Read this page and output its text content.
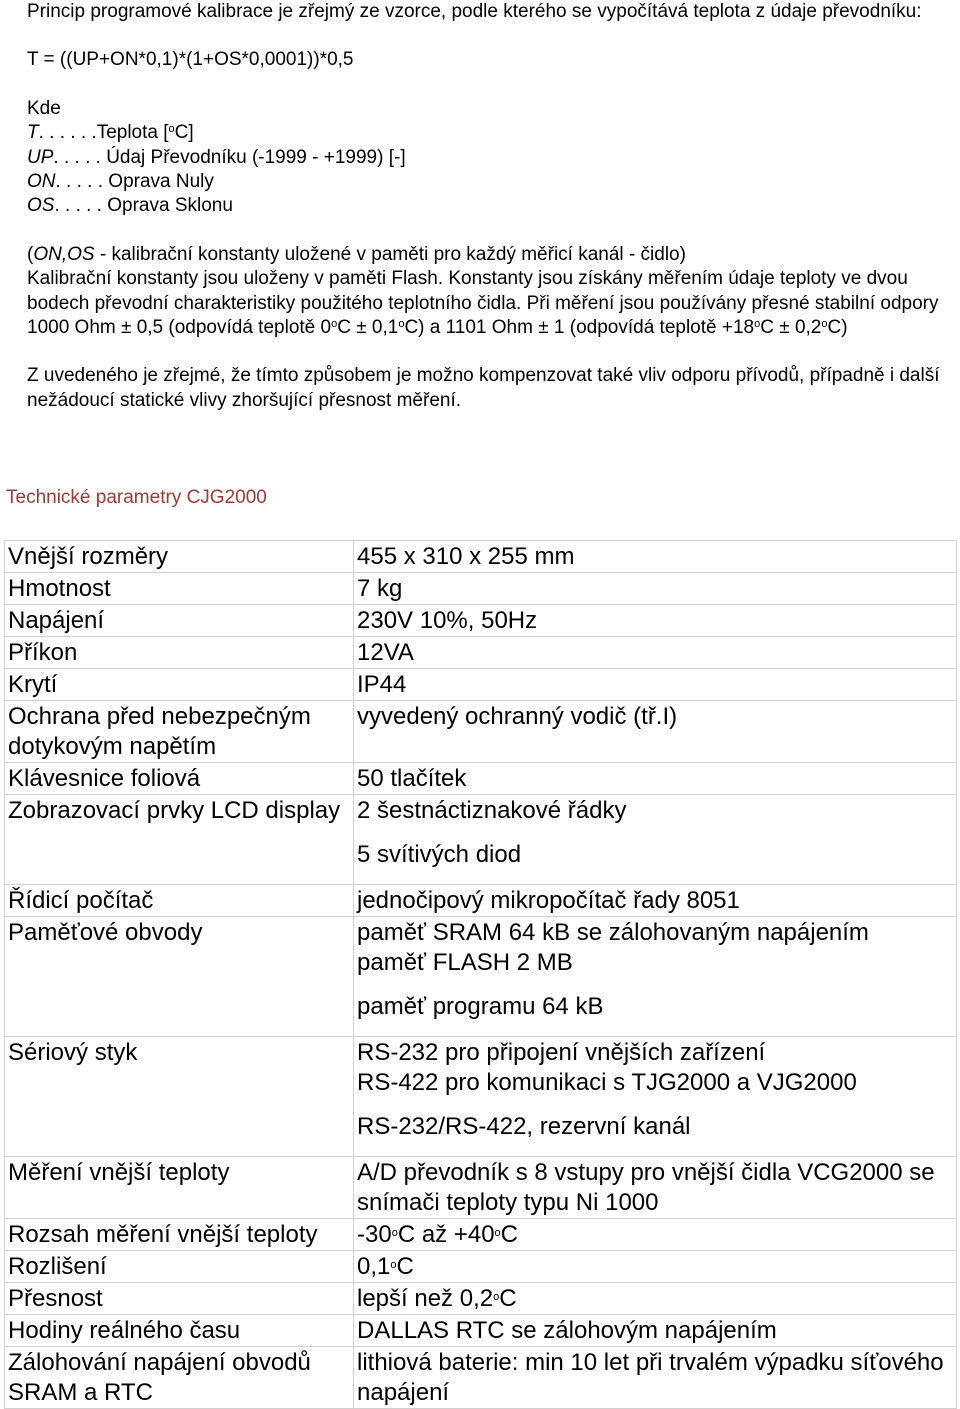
Princip programové kalibrace je zřejmý ze vzorce, podle kterého se vypočítává teplota z údaje převodníku:

T = ((UP+ON*0,1)*(1+OS*0,0001))*0,5

Kde

T. . . . . .Teplota [$^o$C]

UP. . . . . Údaj Převodníku (-1999 - +1999) [-]

ON. . . . . Oprava Nuly

OS. . . . . Oprava Sklonu

(ON,OS - kalibrační konstanty uložené v paměti pro každý měřicí kanál - čidlo)

Kalibrační konstanty jsou uloženy v paměti Flash. Konstanty jsou získány měřením údaje teploty ve dvou bodech převodní charakteristiky použitého teplotního čidla. Při měření jsou používány přesné stabilní odpory 1000 Ohm ± 0,5 (odpovídá teplotě $0^oC \pm 0,1^oC$) a 1101 Ohm ± 1 (odpovídá teplotě $+18^oC \pm 0,2^oC$)

Z uvedeného je zřejmé, že tímto způsobem je možno kompenzovat také vliv odporu přívodů, případně i další nežádoucí statické vlivy zhoršující přesnost měření.

Technické parametry CJG2000
Vnější rozměry	455 x 310 x 255 mm
Hmotnost	7 kg
Napájení	230V 10%, 50Hz
Příkon	12VA
Krytí	IP44
Ochrana před nebezpečným dotykovým napětím	vyvedený ochranný vodič (tř.I)
Klávesnice foliová	50 tlačítek
Zobrazovací prvky LCD display	2 šestnáctiznakové řádky
5 svítivých diod

Řídicí počítač	jednočipový mikropočítač řady 8051
Paměťové obvody	paměť SRAM 64 kB se zálohovaným napájením
paměť FLASH 2 MB
paměť programu 64 kB

Sériový styk	RS-232 pro připojení vnějších zařízení
RS-422 pro komunikaci s TJG2000 a VJG2000
RS-232/RS-422, rezervní kanál

Měření vnější teploty	A/D převodník s 8 vstupy pro vnější čidla VCG2000 se snímači teploty typu Ni 1000
Rozsah měření vnější teploty	-30$^o$C až $+40^oC$
Rozlišení	0,1$^o$C
Přesnost	lepší než 0,2$^o$C
Hodiny reálného času	DALLAS RTC se zálohovým napájením
Zálohování napájení obvodů SRAM a RTC	lithiová baterie: min 10 let při trvalém výpadku síťového napájení
